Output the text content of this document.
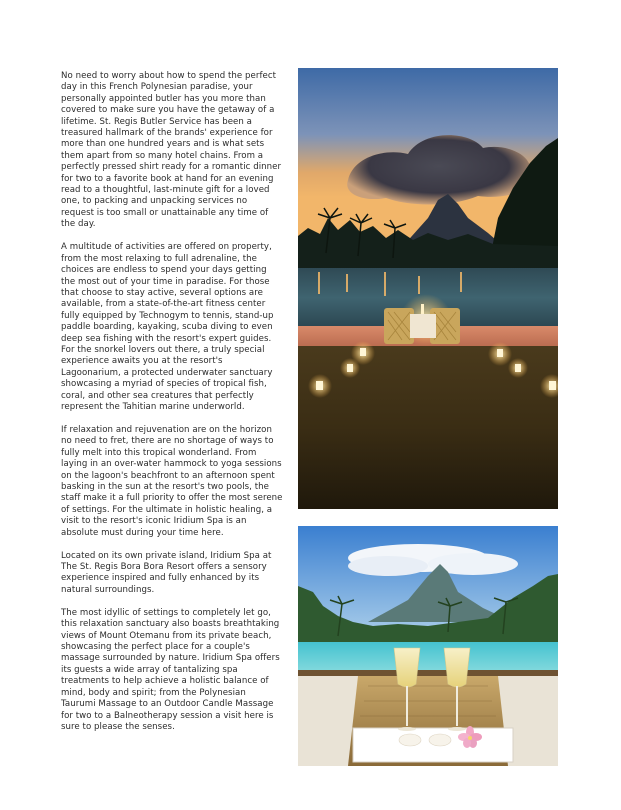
No need to worry about how to spend the perfect day in this French Polynesian paradise, your personally appointed butler has you more than covered to make sure you have the getaway of a lifetime. St. Regis Butler Service has been a treasured hallmark of the brands' experience for more than one hundred years and is what sets them apart from so many hotel chains. From a perfectly pressed shirt ready for a romantic dinner for two to a favorite book at hand for an evening read to a thoughtful, last-minute gift for a loved one, to packing and unpacking services no request is too small or unattainable any time of the day.

A multitude of activities are offered on property, from the most relaxing to full adrenaline, the choices are endless to spend your days getting the most out of your time in paradise. For those that choose to stay active, several options are available, from a state-of-the-art fitness center fully equipped by Technogym to tennis, stand-up paddle boarding, kayaking, scuba diving to even deep sea fishing with the resort's expert guides. For the snorkel lovers out there, a truly special experience awaits you at the resort's Lagoonarium, a protected underwater sanctuary showcasing a myriad of species of tropical fish, coral, and other sea creatures that perfectly represent the Tahitian marine underworld.

If relaxation and rejuvenation are on the horizon no need to fret, there are no shortage of ways to fully melt into this tropical wonderland. From laying in an over-water hammock to yoga sessions on the lagoon's beachfront to an afternoon spent basking in the sun at the resort's two pools, the staff make it a full priority to offer the most serene of settings. For the ultimate in holistic healing, a visit to the resort's iconic Iridium Spa is an absolute must during your time here.

Located on its own private island, Iridium Spa at The St. Regis Bora Bora Resort offers a sensory experience inspired and fully enhanced by its natural surroundings.

The most idyllic of settings to completely let go, this relaxation sanctuary also boasts breathtaking views of Mount Otemanu from its private beach, showcasing the perfect place for a couple's massage surrounded by nature. Iridium Spa offers its guests a wide array of tantalizing spa treatments to help achieve a holistic balance of mind, body and spirit; from the Polynesian Taurumi Massage to an Outdoor Candle Massage for two to a Balneotherapy session a visit here is sure to please the senses.
